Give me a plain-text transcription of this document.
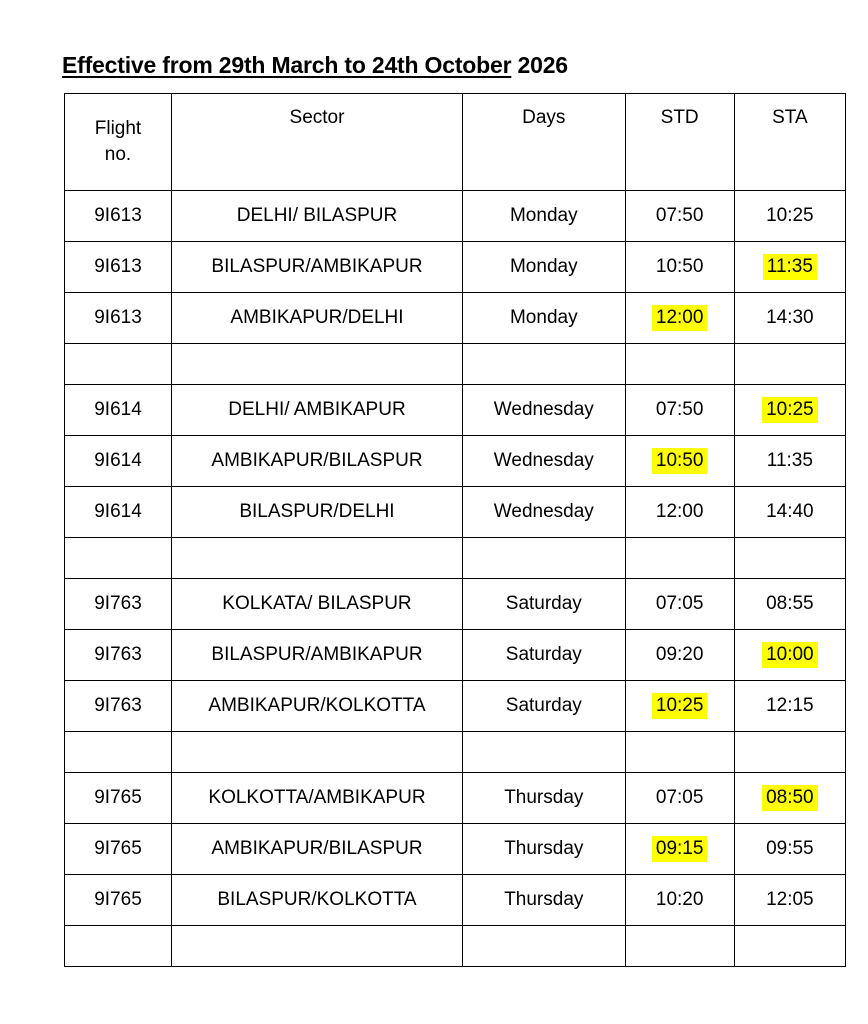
Effective from 29th March to 24th October 2026
Flight
no.	Sector	Days	STD	STA
9I613	DELHI/ BILASPUR	Monday	07:50	10:25
9I613	BILASPUR/AMBIKAPUR	Monday	10:50	11:35
9I613	AMBIKAPUR/DELHI	Monday	12:00	14:30

9I614	DELHI/ AMBIKAPUR	Wednesday	07:50	10:25
9I614	AMBIKAPUR/BILASPUR	Wednesday	10:50	11:35
9I614	BILASPUR/DELHI	Wednesday	12:00	14:40

9I763	KOLKATA/ BILASPUR	Saturday	07:05	08:55
9I763	BILASPUR/AMBIKAPUR	Saturday	09:20	10:00
9I763	AMBIKAPUR/KOLKOTTA	Saturday	10:25	12:15

9I765	KOLKOTTA/AMBIKAPUR	Thursday	07:05	08:50
9I765	AMBIKAPUR/BILASPUR	Thursday	09:15	09:55
9I765	BILASPUR/KOLKOTTA	Thursday	10:20	12:05
